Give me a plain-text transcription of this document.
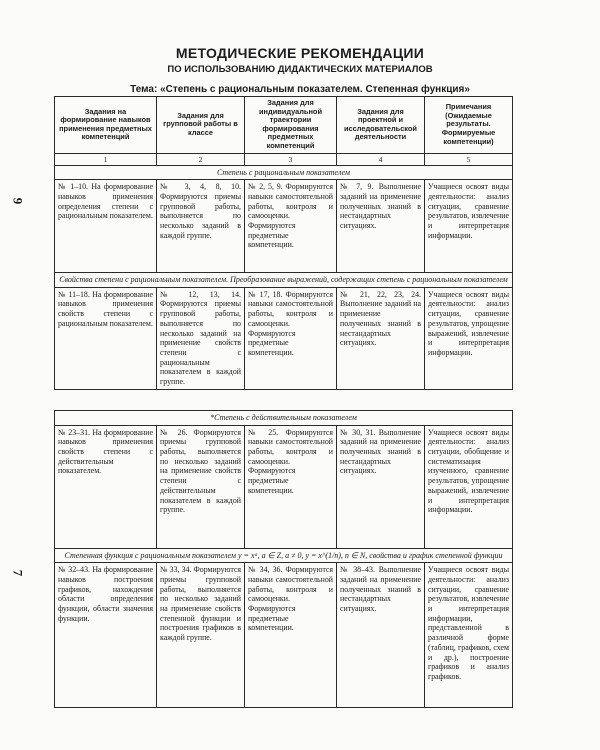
МЕТОДИЧЕСКИЕ РЕКОМЕНДАЦИИ
ПО ИСПОЛЬЗОВАНИЮ ДИДАКТИЧЕСКИХ МАТЕРИАЛОВ
Тема: «Степень с рациональным показателем. Степенная функция»
9
7
Задания на формирование навыков применения предметных компетенций	Задания для групповой работы в классе	Задания для индивидуальной траектории формирования предметных компетенций	Задания для проектной и исследовательской деятельности	Примечания (Ожидаемые результаты. Формируемые компетенции)
1	2	3	4	5
Степень с рациональным показателем				
№ 1–10. На формирование навыков применения определения степени с рациональным показателем.	№ 3, 4, 8, 10. Формируются приемы групповой работы, выполняется по несколько заданий в каждой группе.	№ 2, 5, 9. Формируются навыки самостоятельной работы, контроля и самооценки. Формируются предметные компетенции.	№ 7, 9. Выполнение заданий на применение полученных знаний в нестандартных ситуациях.	Учащиеся освоят виды деятельности: анализ ситуации, сравнение результатов, извлечение и интерпретация информации.
Свойства степени с рациональным показателем. Преобразование выражений, содержащих степень с рациональным показателем				
№ 11–18. На формирование навыков применения свойств степени с рациональным показателем.	№ 12, 13, 14. Формируются приемы групповой работы, выполняется по несколько заданий на применение свойств степени с рациональным показателем в каждой группе.	№ 17, 18. Формируются навыки самостоятельной работы, контроля и самооценки. Формируются предметные компетенции.	№ 21, 22, 23, 24. Выполнение заданий на применение полученных знаний в нестандартных ситуациях.	Учащиеся освоят виды деятельности: анализ ситуации, сравнение результатов, упрощение выражений, извлечение и интерпретация информации.
*Степень с действительным показателем				
№ 23–31. На формирование навыков применения свойств степени с действительным показателем.	№ 26. Формируются приемы групповой работы, выполняется по несколько заданий на применение свойств степени с действительным показателем в каждой группе.	№ 25. Формируются навыки самостоятельной работы, контроля и самооценки. Формируются предметные компетенции.	№ 30, 31. Выполнение заданий на применение полученных знаний в нестандартных ситуациях.	Учащиеся освоят виды деятельности: анализ ситуации, обобщение и систематизация изученного, сравнение результатов, упрощение выражений, извлечение и интерпретация информации.
Степенная функция с рациональным показателем y = xᵃ, a ∈ Z, a ≠ 0, y = x^(1/n), n ∈ N, свойства и график степенной функции				
№ 32–43. На формирование навыков построения графиков, нахождения области определения функции, области значения функции.	№ 33, 34. Формируются приемы групповой работы, выполняется по несколько заданий на применение свойств степенной функции и построения графиков в каждой группе.	№ 34, 36. Формируются навыки самостоятельной работы, контроля и самооценки. Формируются предметные компетенции.	№ 38–43. Выполнение заданий на применение полученных знаний в нестандартных ситуациях.	Учащиеся освоят виды деятельности: анализ ситуации, сравнение результатов, извлечение и интерпретация информации, представленной в различной форме (таблиц, графиков, схем и др.), построение графиков и анализ графиков.
